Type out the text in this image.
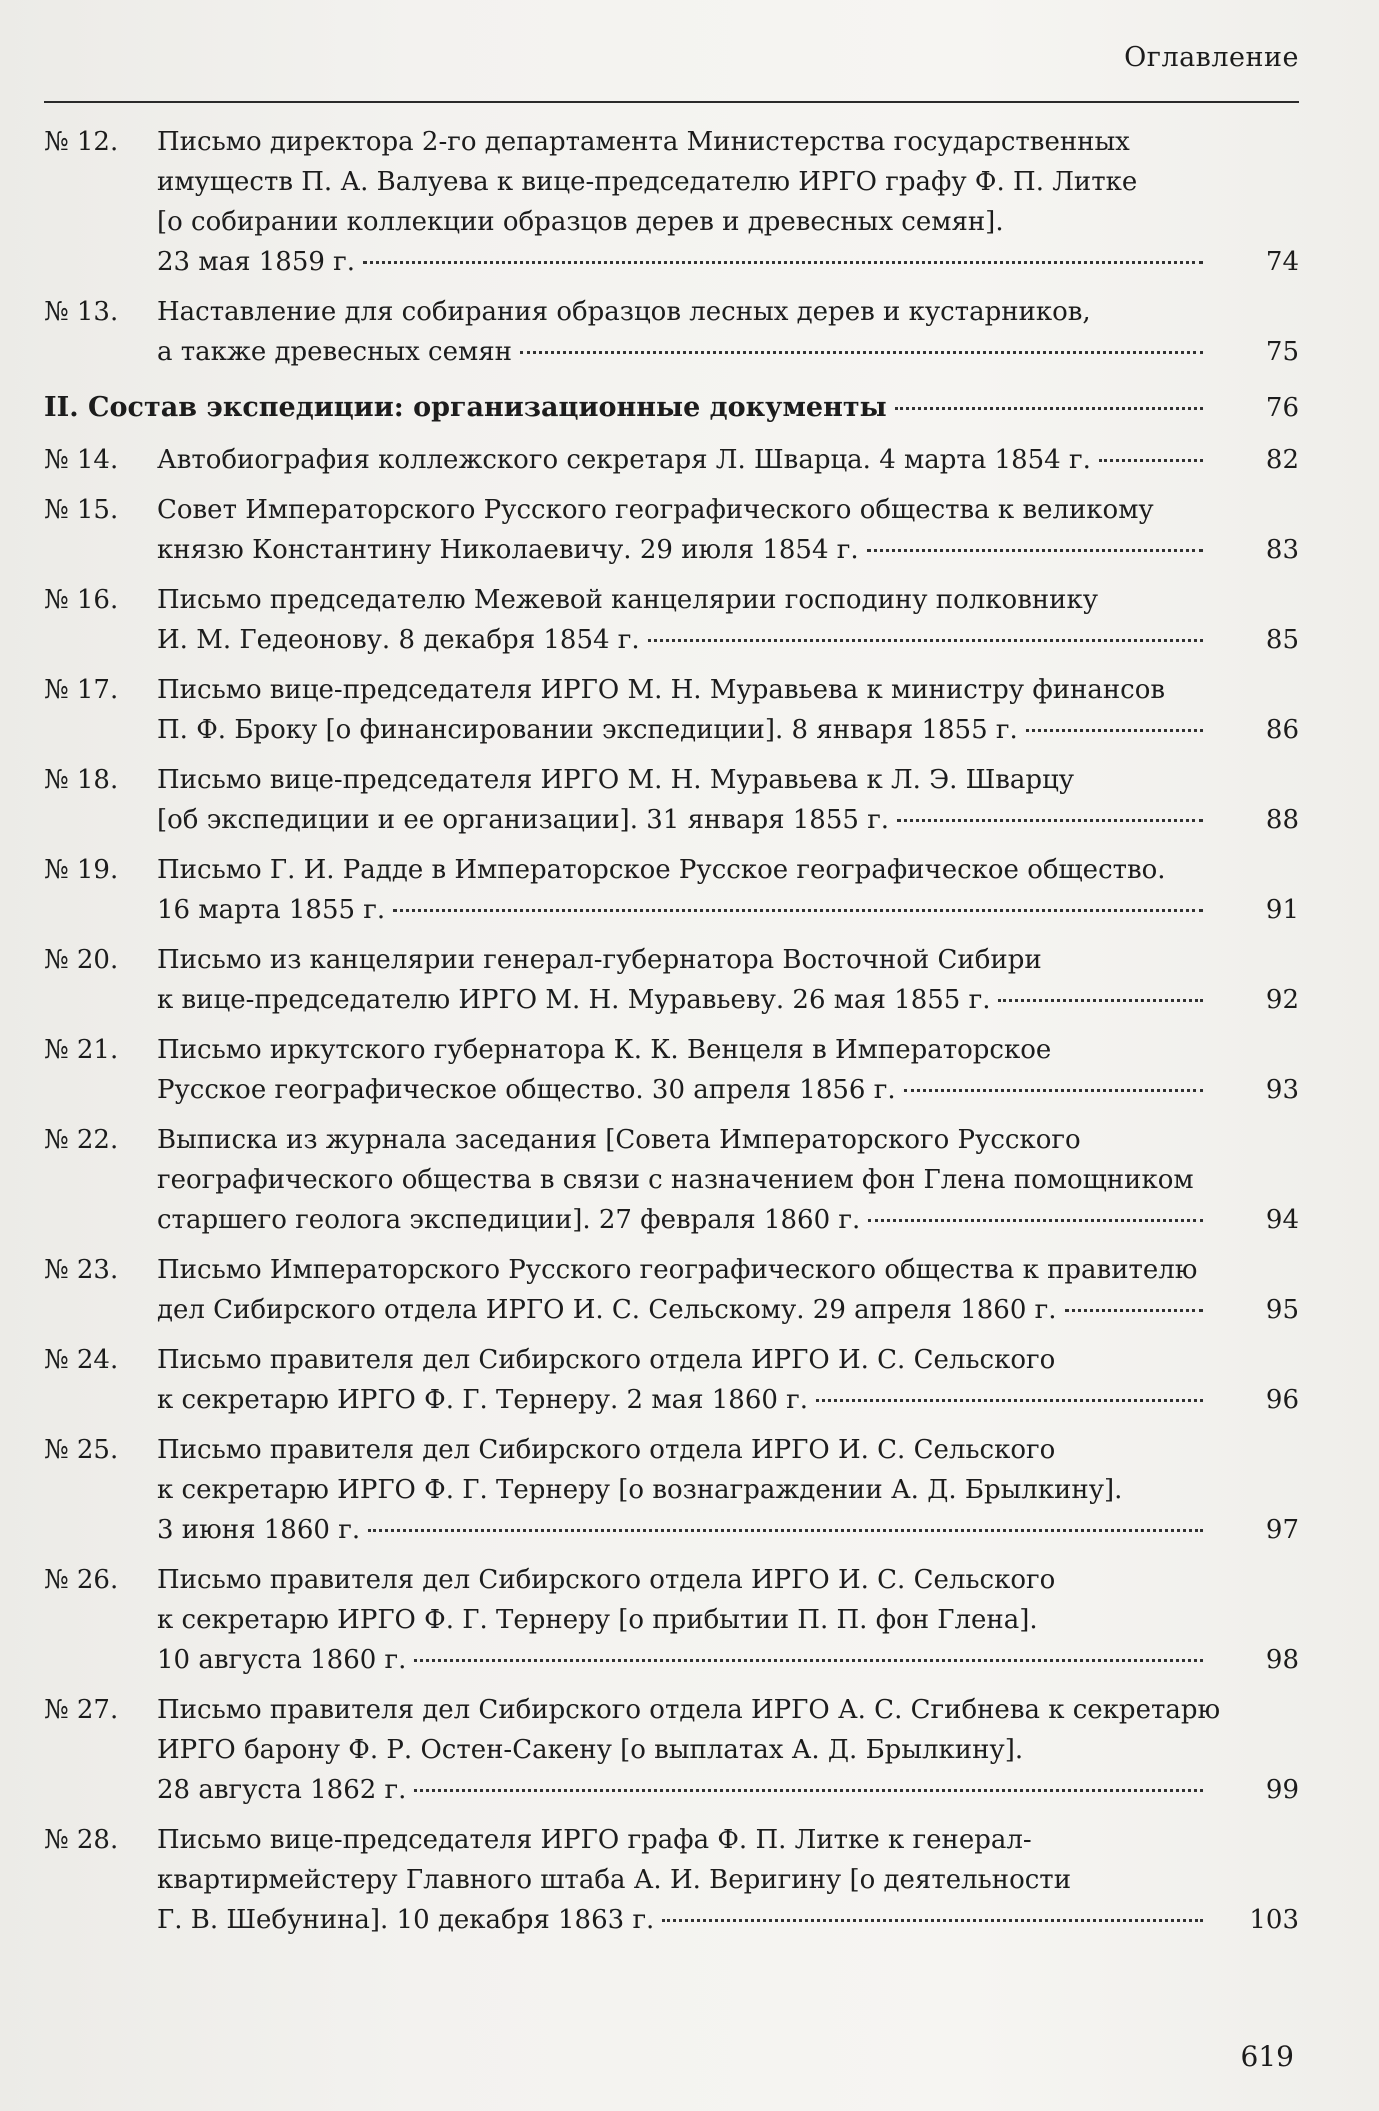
Оглавление
№ 12.	Письмо директора 2-го департамента Министерства государственных
имуществ П. А. Валуева к вице-председателю ИРГО графу Ф. П. Литке
[о собирании коллекции образцов дерев и древесных семян].
23 мая 1859 г.	74
№ 13.	Наставление для собирания образцов лесных дерев и кустарников,
а также древесных семян	75
II. Состав экспедиции: организационные документы	76
№ 14.	Автобиография коллежского секретаря Л. Шварца. 4 марта 1854 г.	82
№ 15.	Совет Императорского Русского географического общества к великому
князю Константину Николаевичу. 29 июля 1854 г.	83
№ 16.	Письмо председателю Межевой канцелярии господину полковнику
И. М. Гедеонову. 8 декабря 1854 г.	85
№ 17.	Письмо вице-председателя ИРГО М. Н. Муравьева к министру финансов
П. Ф. Броку [о финансировании экспедиции]. 8 января 1855 г.	86
№ 18.	Письмо вице-председателя ИРГО М. Н. Муравьева к Л. Э. Шварцу
[об экспедиции и ее организации]. 31 января 1855 г.	88
№ 19.	Письмо Г. И. Радде в Императорское Русское географическое общество.
16 марта 1855 г.	91
№ 20.	Письмо из канцелярии генерал-губернатора Восточной Сибири
к вице-председателю ИРГО М. Н. Муравьеву. 26 мая 1855 г.	92
№ 21.	Письмо иркутского губернатора К. К. Венцеля в Императорское
Русское географическое общество. 30 апреля 1856 г.	93
№ 22.	Выписка из журнала заседания [Совета Императорского Русского
географического общества в связи с назначением фон Глена помощником
старшего геолога экспедиции]. 27 февраля 1860 г.	94
№ 23.	Письмо Императорского Русского географического общества к правителю
дел Сибирского отдела ИРГО И. С. Сельскому. 29 апреля 1860 г.	95
№ 24.	Письмо правителя дел Сибирского отдела ИРГО И. С. Сельского
к секретарю ИРГО Ф. Г. Тернеру. 2 мая 1860 г.	96
№ 25.	Письмо правителя дел Сибирского отдела ИРГО И. С. Сельского
к секретарю ИРГО Ф. Г. Тернеру [о вознаграждении А. Д. Брылкину].
3 июня 1860 г.	97
№ 26.	Письмо правителя дел Сибирского отдела ИРГО И. С. Сельского
к секретарю ИРГО Ф. Г. Тернеру [о прибытии П. П. фон Глена].
10 августа 1860 г.	98
№ 27.	Письмо правителя дел Сибирского отдела ИРГО А. С. Сгибнева к секретарю
ИРГО барону Ф. Р. Остен-Сакену [о выплатах А. Д. Брылкину].
28 августа 1862 г.	99
№ 28.	Письмо вице-председателя ИРГО графа Ф. П. Литке к генерал-
квартирмейстеру Главного штаба А. И. Веригину [о деятельности
Г. В. Шебунина]. 10 декабря 1863 г.	103
619
